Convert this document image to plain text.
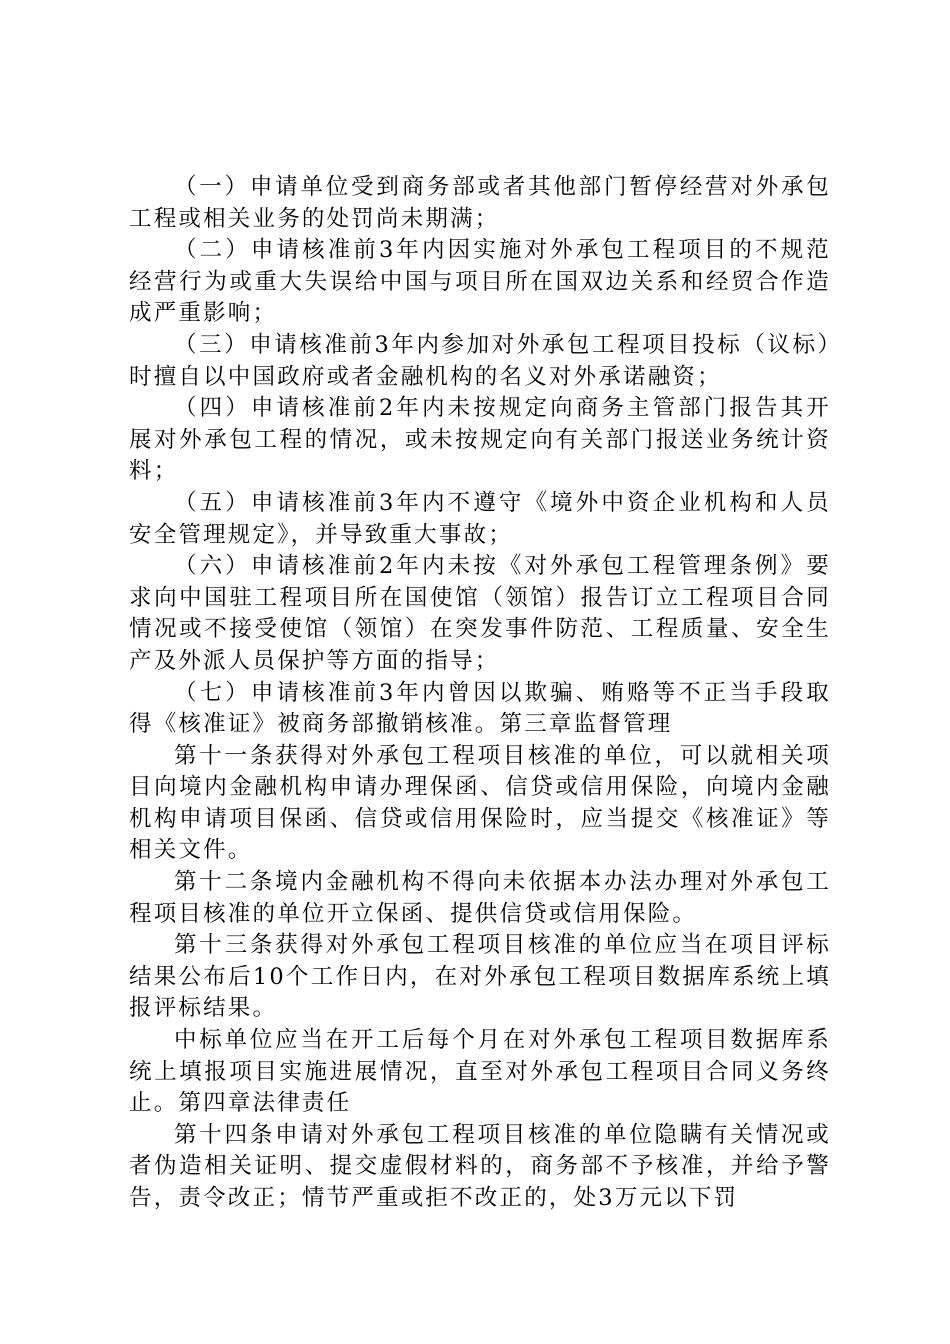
（一）申请单位受到商务部或者其他部门暂停经营对外承包工程或相关业务的处罚尚未期满；

（二）申请核准前3年内因实施对外承包工程项目的不规范经营行为或重大失误给中国与项目所在国双边关系和经贸合作造成严重影响；

（三）申请核准前3年内参加对外承包工程项目投标（议标）时擅自以中国政府或者金融机构的名义对外承诺融资；

（四）申请核准前2年内未按规定向商务主管部门报告其开展对外承包工程的情况，或未按规定向有关部门报送业务统计资料；

（五）申请核准前3年内不遵守《境外中资企业机构和人员安全管理规定》，并导致重大事故；

（六）申请核准前2年内未按《对外承包工程管理条例》要求向中国驻工程项目所在国使馆（领馆）报告订立工程项目合同情况或不接受使馆（领馆）在突发事件防范、工程质量、安全生产及外派人员保护等方面的指导；

（七）申请核准前3年内曾因以欺骗、贿赂等不正当手段取得《核准证》被商务部撤销核准。第三章监督管理

第十一条获得对外承包工程项目核准的单位，可以就相关项目向境内金融机构申请办理保函、信贷或信用保险，向境内金融机构申请项目保函、信贷或信用保险时，应当提交《核准证》等相关文件。

第十二条境内金融机构不得向未依据本办法办理对外承包工程项目核准的单位开立保函、提供信贷或信用保险。

第十三条获得对外承包工程项目核准的单位应当在项目评标结果公布后10个工作日内，在对外承包工程项目数据库系统上填报评标结果。

中标单位应当在开工后每个月在对外承包工程项目数据库系统上填报项目实施进展情况，直至对外承包工程项目合同义务终止。第四章法律责任

第十四条申请对外承包工程项目核准的单位隐瞒有关情况或者伪造相关证明、提交虚假材料的，商务部不予核准，并给予警告，责令改正；情节严重或拒不改正的，处3万元以下罚
